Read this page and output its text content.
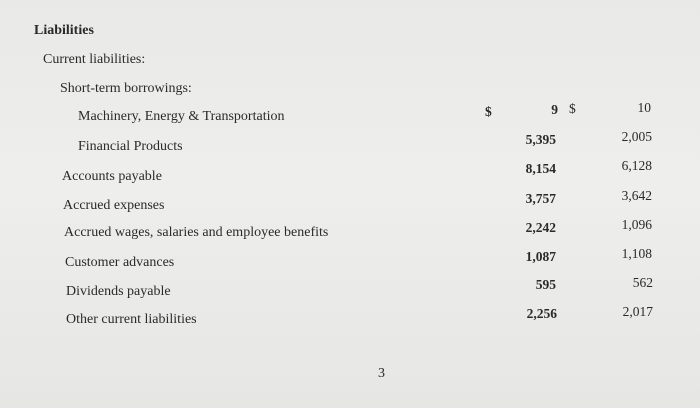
Liabilities
Current liabilities:
Short-term borrowings:
Machinery, Energy & Transportation
Financial Products
Accounts payable
Accrued expenses
Accrued wages, salaries and employee benefits
Customer advances
Dividends payable
Other current liabilities
$	$
9
5,395
8,154
3,757
2,242
1,087
595
2,256
10
2,005
6,128
3,642
1,096
1,108
562
2,017
3
